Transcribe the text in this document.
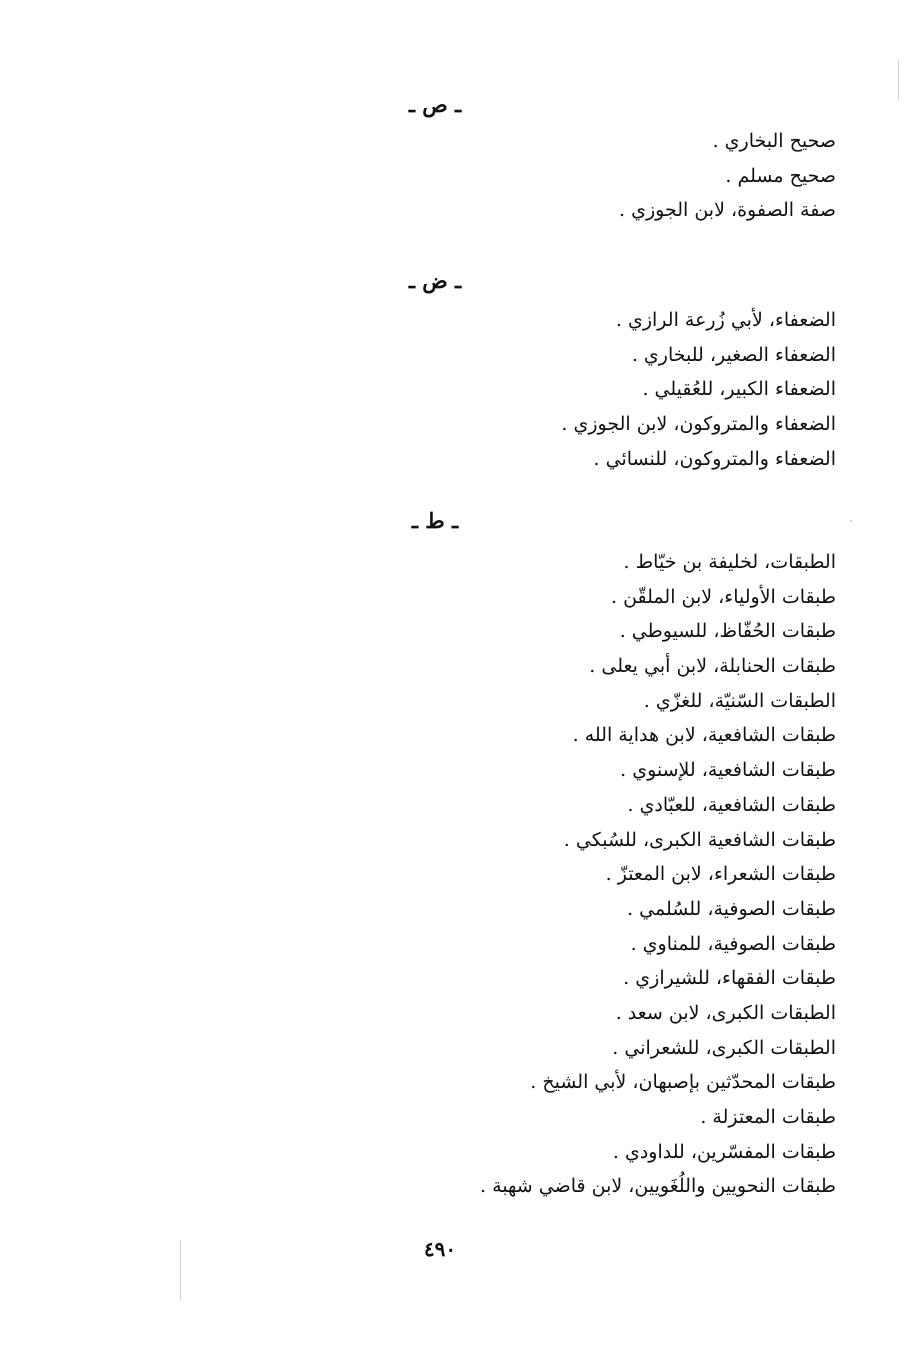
ـ ص ـ
صحيح البخاري .
صحيح مسلم .
صفة الصفوة، لابن الجوزي .
ـ ض ـ
الضعفاء، لأبي زُرعة الرازي .
الضعفاء الصغير، للبخاري .
الضعفاء الكبير، للعُقيلي .
الضعفاء والمتروكون، لابن الجوزي .
الضعفاء والمتروكون، للنسائي .
ـ ط ـ
الطبقات، لخليفة بن خيّاط .
طبقات الأولياء، لابن الملقّن .
طبقات الحُفّاظ، للسيوطي .
طبقات الحنابلة، لابن أبي يعلى .
الطبقات السّنيّة، للغزّي .
طبقات الشافعية، لابن هداية الله .
طبقات الشافعية، للإسنوي .
طبقات الشافعية، للعبّادي .
طبقات الشافعية الكبرى، للسُبكي .
طبقات الشعراء، لابن المعتزّ .
طبقات الصوفية، للسُلمي .
طبقات الصوفية، للمناوي .
طبقات الفقهاء، للشيرازي .
الطبقات الكبرى، لابن سعد .
الطبقات الكبرى، للشعراني .
طبقات المحدّثين بإصبهان، لأبي الشيخ .
طبقات المعتزلة .
طبقات المفسّرين، للداودي .
طبقات النحويين واللُغَويين، لابن قاضي شهبة .
٤٩٠
